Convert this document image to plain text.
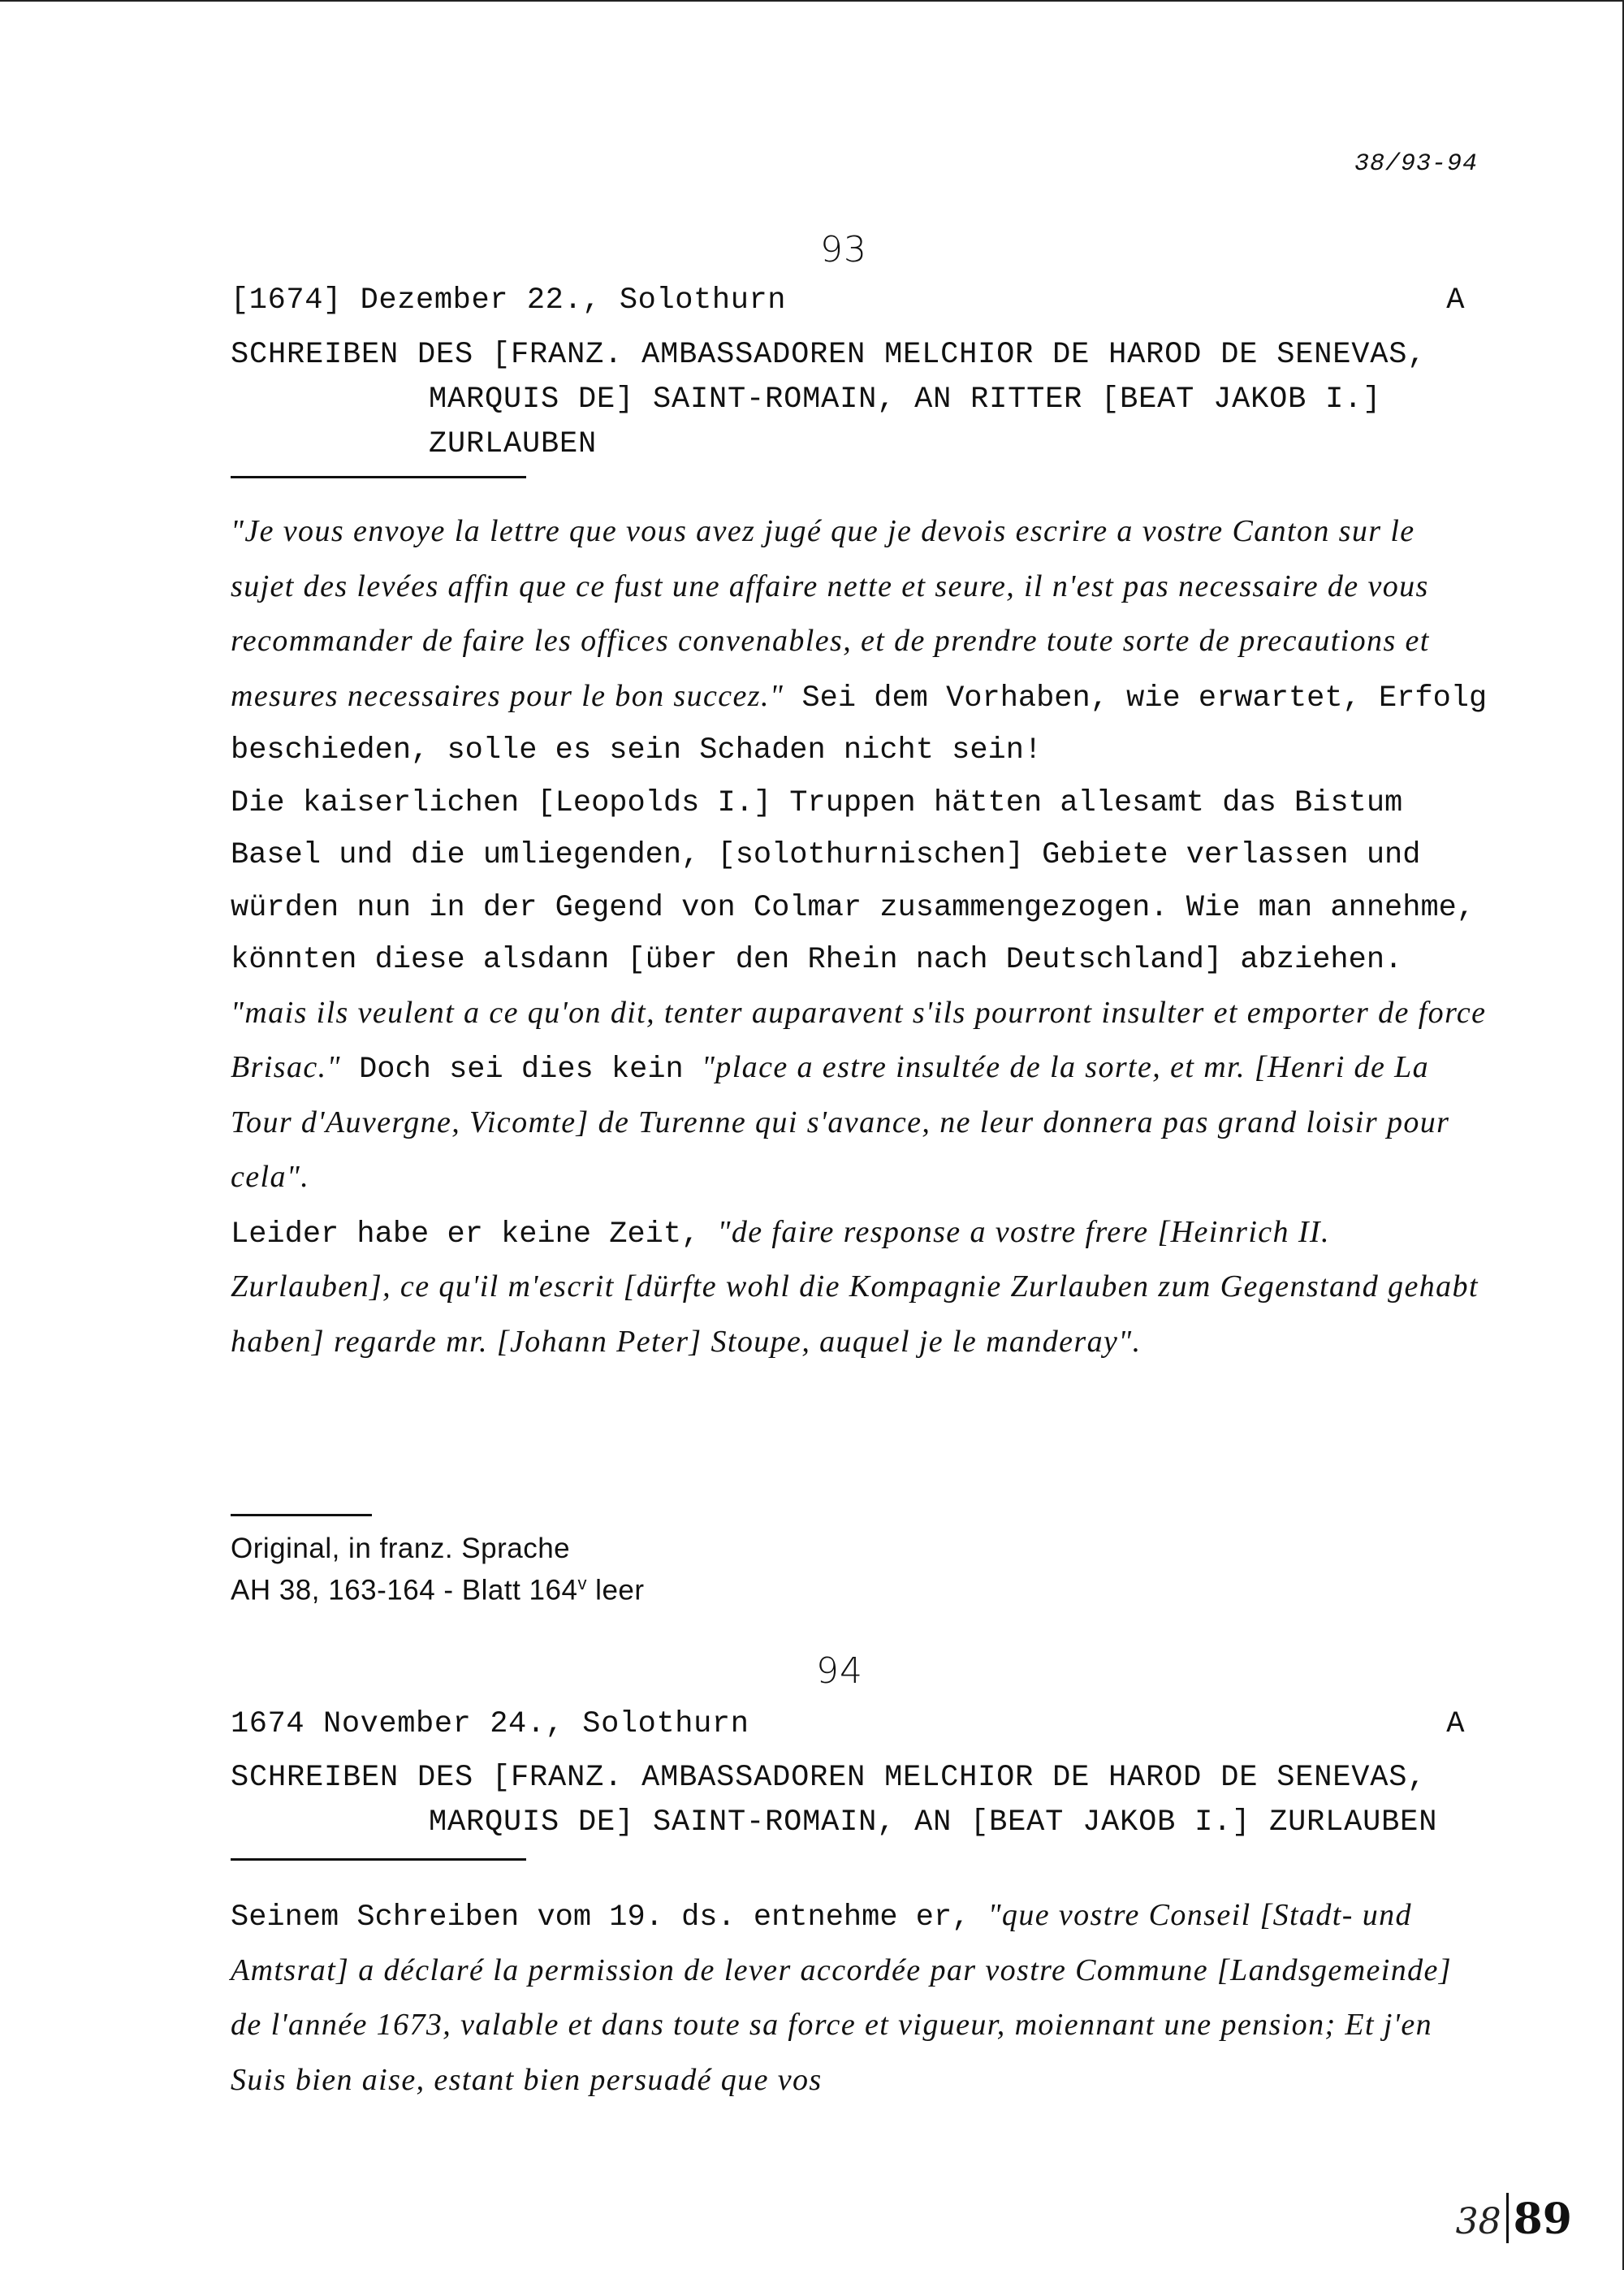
38/93-94
93
[1674] Dezember 22., Solothurn	A
SCHREIBEN DES [FRANZ. AMBASSADOREN MELCHIOR DE HAROD DE SENEVAS,
MARQUIS DE] SAINT-ROMAIN, AN RITTER [BEAT JAKOB I.]
ZURLAUBEN

"Je vous envoye la lettre que vous avez jugé que je devois escrire a vostre Canton sur le sujet des levées affin que ce fust une affaire nette et seure, il n'est pas necessaire de vous recommander de faire les offices convenables, et de prendre toute sorte de precautions et mesures necessaires pour le bon succez." Sei dem Vorhaben, wie erwartet, Erfolg beschieden, solle es sein Schaden nicht sein!

Die kaiserlichen [Leopolds I.] Truppen hätten allesamt das Bistum Basel und die umliegenden, [solothurnischen] Gebiete verlassen und würden nun in der Gegend von Colmar zusammengezogen. Wie man annehme, könnten diese alsdann [über den Rhein nach Deutschland] abziehen. "mais ils veulent a ce qu'on dit, tenter auparavent s'ils pourront insulter et emporter de force Brisac." Doch sei dies kein "place a estre insultée de la sorte, et mr. [Henri de La Tour d'Auvergne, Vicomte] de Turenne qui s'avance, ne leur donnera pas grand loisir pour cela".

Leider habe er keine Zeit, "de faire response a vostre frere [Heinrich II. Zurlauben], ce qu'il m'escrit [dürfte wohl die Kompagnie Zurlauben zum Gegenstand gehabt haben] regarde mr. [Johann Peter] Stoupe, auquel je le manderay".

Original, in franz. Sprache
AH 38, 163-164 - Blatt 164$^v$ leer
94
1674 November 24., Solothurn	A
SCHREIBEN DES [FRANZ. AMBASSADOREN MELCHIOR DE HAROD DE SENEVAS,
MARQUIS DE] SAINT-ROMAIN, AN [BEAT JAKOB I.] ZURLAUBEN

Seinem Schreiben vom 19. ds. entnehme er, "que vostre Conseil [Stadt- und Amtsrat] a déclaré la permission de lever accordée par vostre Commune [Landsgemeinde] de l'année 1673, valable et dans toute sa force et vigueur, moiennant une pension; Et j'en Suis bien aise, estant bien persuadé que vos

38 89
